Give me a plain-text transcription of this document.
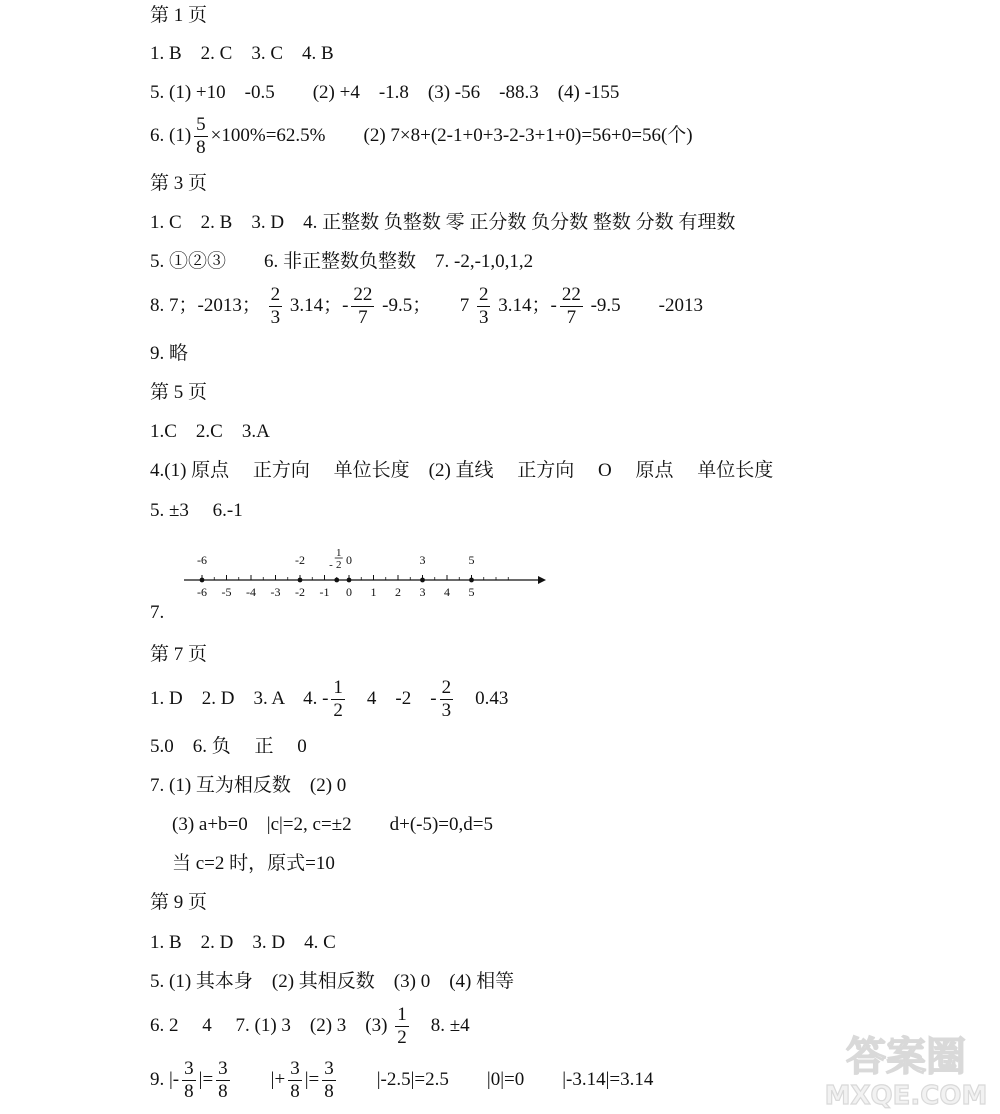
第 1 页
1. B　2. C　3. C　4. B
5. (1) +10　-0.5　　(2) +4　-1.8　(3) -56　-88.3　(4) -155
6. $(1) \frac{5}{8} \times 100\%=62.5\%$　　(2) 7×8+(2-1+0+3-2-3+1+0)=56+0=56(个)
第 3 页
1. C　2. B　3. D　4. 正整数 负整数 零 正分数 负分数 整数 分数 有理数
5. ①②③　　6. 非正整数负整数　7. -2,-1,0,1,2
8. 7；-2013； $\frac{2}{3} 3.14$；- $\frac{22}{7} -9.5$；　　$7 \frac{2}{3} 3.14$；- $\frac{22}{7} -9.5$　　-2013
9. 略
第 5 页
1.C　2.C　3.A
4.(1) 原点　 正方向　 单位长度　(2) 直线　 正方向　 O　 原点　 单位长度
5. ±3　 6.-1
-6 -5 -4 -3 -2 -1 0 1 2 3 4 5
-6	-2	1
- 2 0	3	5
7.
第 7 页
1. D　2. D　3. A　4. - $\frac{1}{2}$ 　4　-2　- $\frac{2}{3}$ 　0.43
5.0　6. 负　 正　 0
7. (1) 互为相反数　(2) 0
(3) a+b=0　|c|=2, c=±2　　d+(-5)=0,d=5
当 c=2 时，原式=10
第 9 页
1. B　2. D　3. D　4. C
5. (1) 其本身　(2) 其相反数　(3) 0　(4) 相等
6. 2　 4　 7. (1) 3　(2) 3　$(3) \frac{1}{2}$ 　8. ±4
9. |- $\frac{3}{8}$ |= $\frac{3}{8}$ 　　|+ $\frac{3}{8}$ |= $\frac{3}{8}$ 　　|-2.5|=2.5　　|0|=0　　|-3.14|=3.14	答案圈
MXQE.COM
